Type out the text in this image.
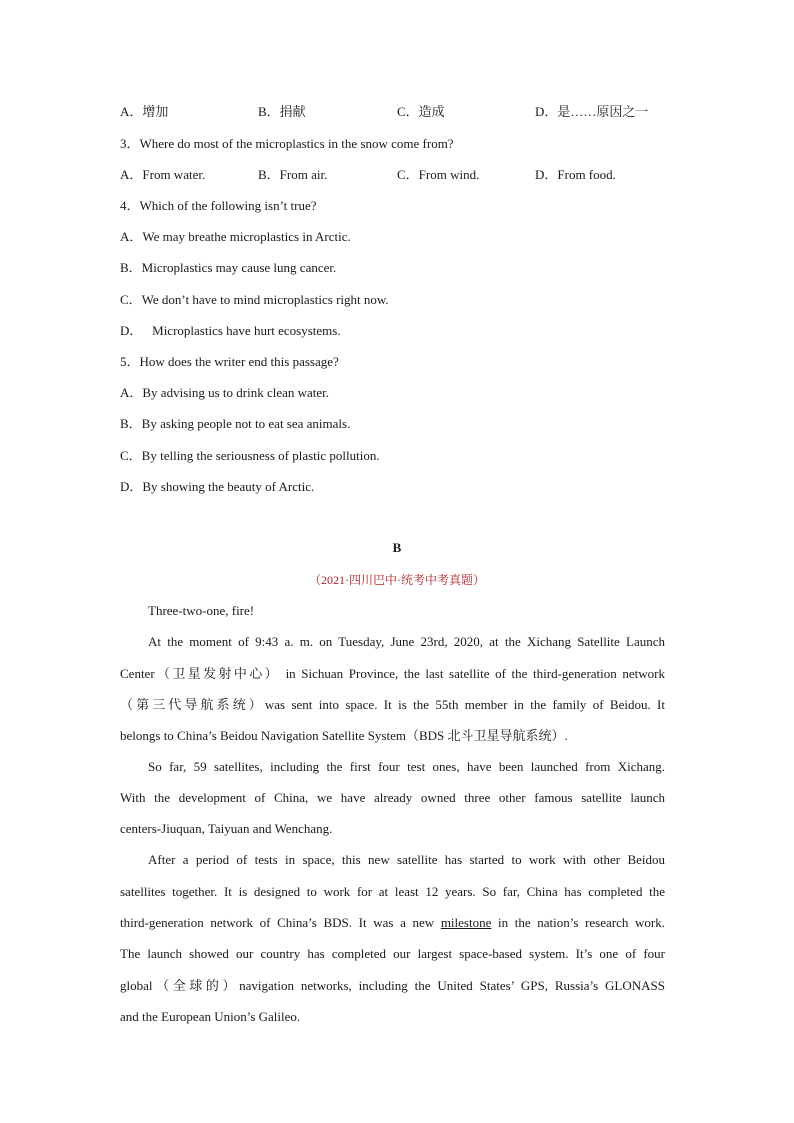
A．增加	B．捐献	C．造成	D．是……原因之一
3．Where do most of the microplastics in the snow come from?
A．From water.	B．From air.	C．From wind.	D．From food.
4．Which of the following isn’t true?
A．We may breathe microplastics in Arctic.
B．Microplastics may cause lung cancer.
C．We don’t have to mind microplastics right now.
D．   Microplastics have hurt ecosystems.
5．How does the writer end this passage?
A．By advising us to drink clean water.
B．By asking people not to eat sea animals.
C．By telling the seriousness of plastic pollution.
D．By showing the beauty of Arctic.
B
（2021·四川巴中·统考中考真题）
Three-two-one, fire!
At the moment of 9:43 a. m. on Tuesday, June 23rd, 2020, at the Xichang Satellite Launch
Center（卫星发射中心） in Sichuan Province, the last satellite of the third-generation network
（第三代导航系统）was sent into space. It is the 55th member in the family of Beidou. It
belongs to China’s Beidou Navigation Satellite System（BDS 北斗卫星导航系统）.
So far, 59 satellites, including the first four test ones, have been launched from Xichang.
With the development of China, we have already owned three other famous satellite launch
centers-Jiuquan, Taiyuan and Wenchang.
After a period of tests in space, this new satellite has started to work with other Beidou
satellites together. It is designed to work for at least 12 years. So far, China has completed the
third-generation network of China’s BDS. It was a new milestone in the nation’s research work.
The launch showed our country has completed our largest space-based system. It’s one of four
global（全球的）navigation networks, including the United States’ GPS, Russia’s GLONASS
and the European Union’s Galileo.
